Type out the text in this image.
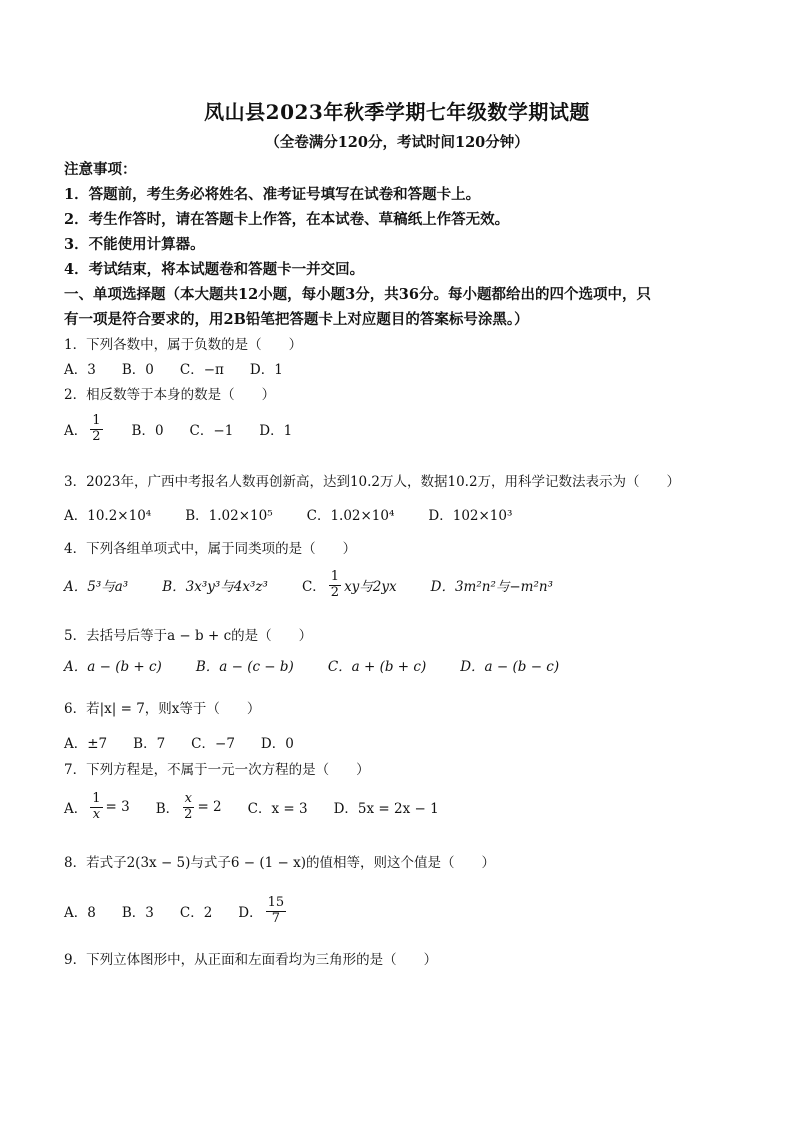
凤山县2023年秋季学期七年级数学期试题
（全卷满分120分，考试时间120分钟）
注意事项：
1．答题前，考生务必将姓名、准考证号填写在试卷和答题卡上。
2．考生作答时，请在答题卡上作答，在本试卷、草稿纸上作答无效。
3．不能使用计算器。
4．考试结束，将本试题卷和答题卡一并交回。
一、单项选择题（本大题共12小题，每小题3分，共36分。每小题都给出的四个选项中，只
有一项是符合要求的，用2B铅笔把答题卡上对应题目的答案标号涂黑。）
1．下列各数中，属于负数的是（　　）
A．3 B．0 C．−π D．1
2．相反数等于本身的数是（　　）
A． $\frac{1}{2}$ B．0 C．−1 D．1
3．2023年，广西中考报名人数再创新高，达到10.2万人，数据10.2万，用科学记数法表示为（　　）
A．10.2×10⁴	B．1.02×10⁵	C．1.02×10⁴	D．102×10³
4．下列各组单项式中，属于同类项的是（　　）
A．5³与a³	B．3x³y³与4x³z³	C． $\frac{1}{2}$ xy与2yx	D．3m²n²与−m²n³
5．去括号后等于a − b + c的是（　　）
A．a − (b + c)	B．a − (c − b)	C．a + (b + c)	D．a − (b − c)
6．若|x| = 7，则x等于（　　）
A．±7 B．7 C．−7 D．0
7．下列方程是，不属于一元一次方程的是（　　）
A． $\frac{1}{x} = 3$ B． $\frac{x}{2} = 2$ C．x = 3 D．5x = 2x − 1
8．若式子2(3x − 5)与式子6 − (1 − x)的值相等，则这个值是（　　）
A．8 B．3 C．2 D． $\frac{15}{7}$
9．下列立体图形中，从正面和左面看均为三角形的是（　　）
